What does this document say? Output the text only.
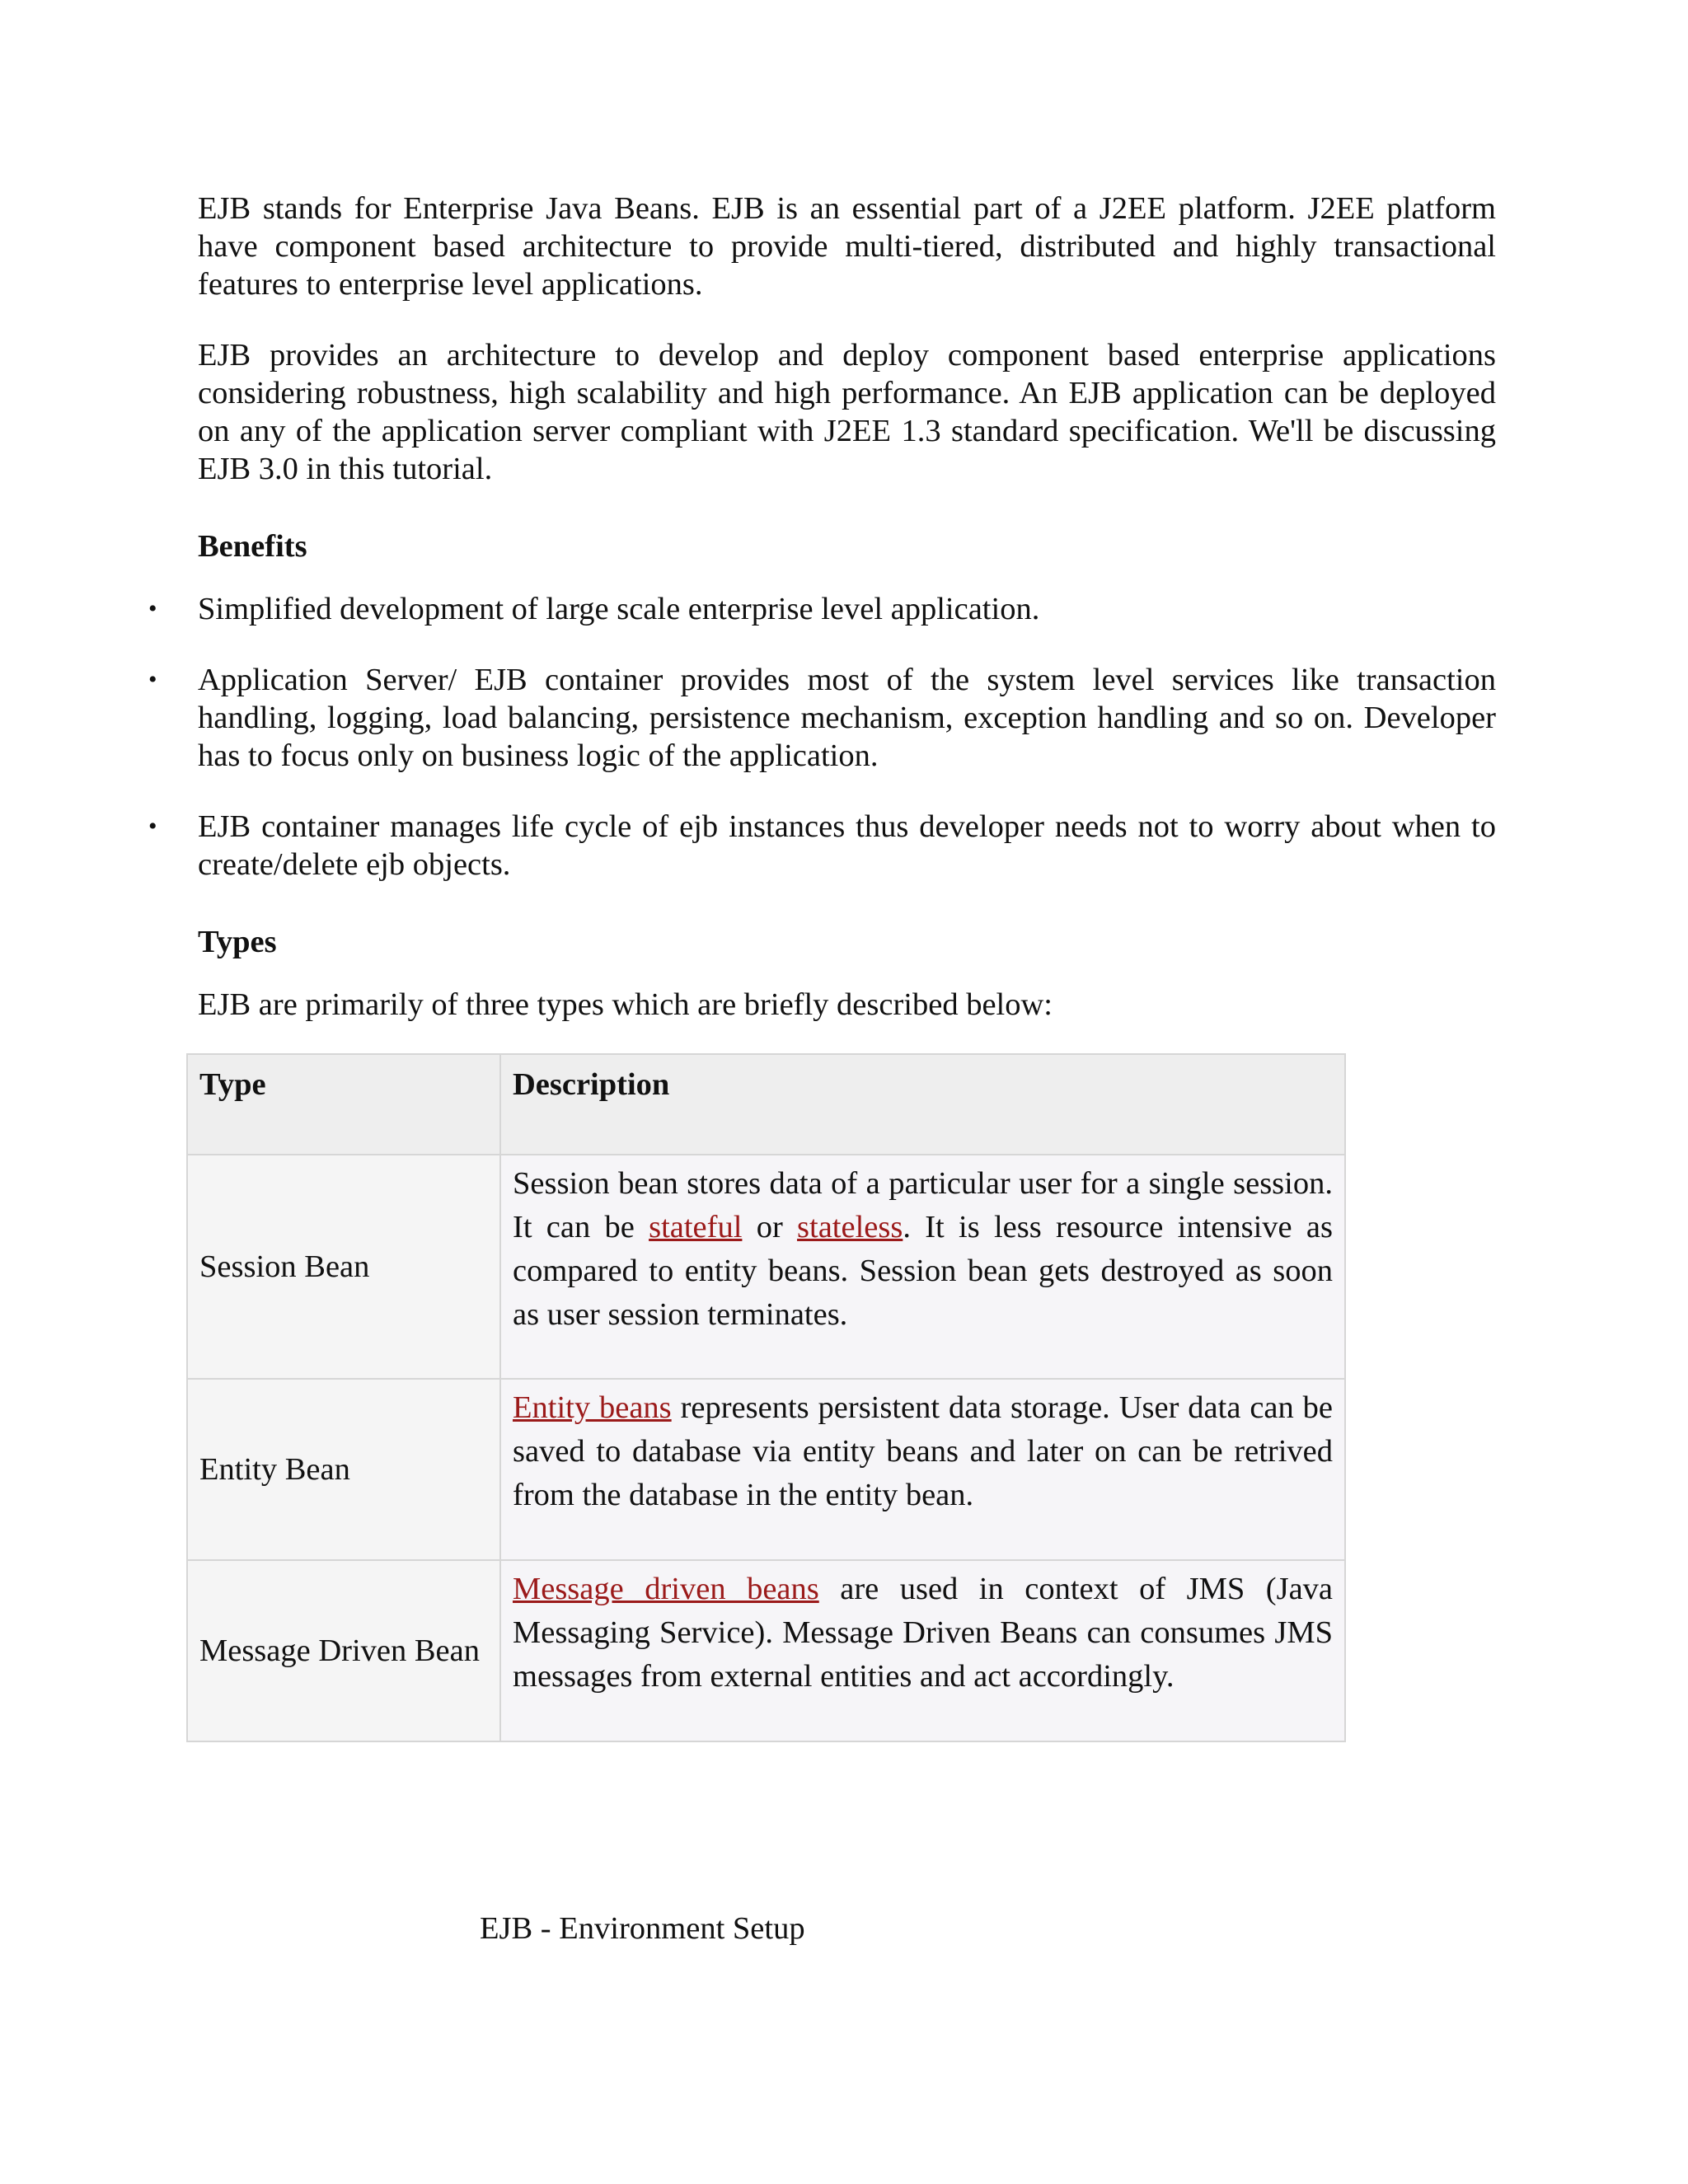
EJB stands for Enterprise Java Beans. EJB is an essential part of a J2EE platform. J2EE platform have component based architecture to provide multi-tiered, distributed and highly transactional features to enterprise level applications.

EJB provides an architecture to develop and deploy component based enterprise applications considering robustness, high scalability and high performance. An EJB application can be deployed on any of the application server compliant with J2EE 1.3 standard specification. We'll be discussing EJB 3.0 in this tutorial.

Benefits
• Simplified development of large scale enterprise level application.
• Application Server/ EJB container provides most of the system level services like transaction handling, logging, load balancing, persistence mechanism, exception handling and so on. Developer has to focus only on business logic of the application.
• EJB container manages life cycle of ejb instances thus developer needs not to worry about when to create/delete ejb objects.
Types

EJB are primarily of three types which are briefly described below:

Type	Description
Session Bean	Session bean stores data of a particular user for a single session. It can be stateful or stateless. It is less resource intensive as compared to entity beans. Session bean gets destroyed as soon as user session terminates.
Entity Bean	Entity beans represents persistent data storage. User data can be saved to database via entity beans and later on can be retrived from the database in the entity bean.
Message Driven Bean	Message driven beans are used in context of JMS (Java Messaging Service). Message Driven Beans can consumes JMS messages from external entities and act accordingly.
EJB - Environment Setup
